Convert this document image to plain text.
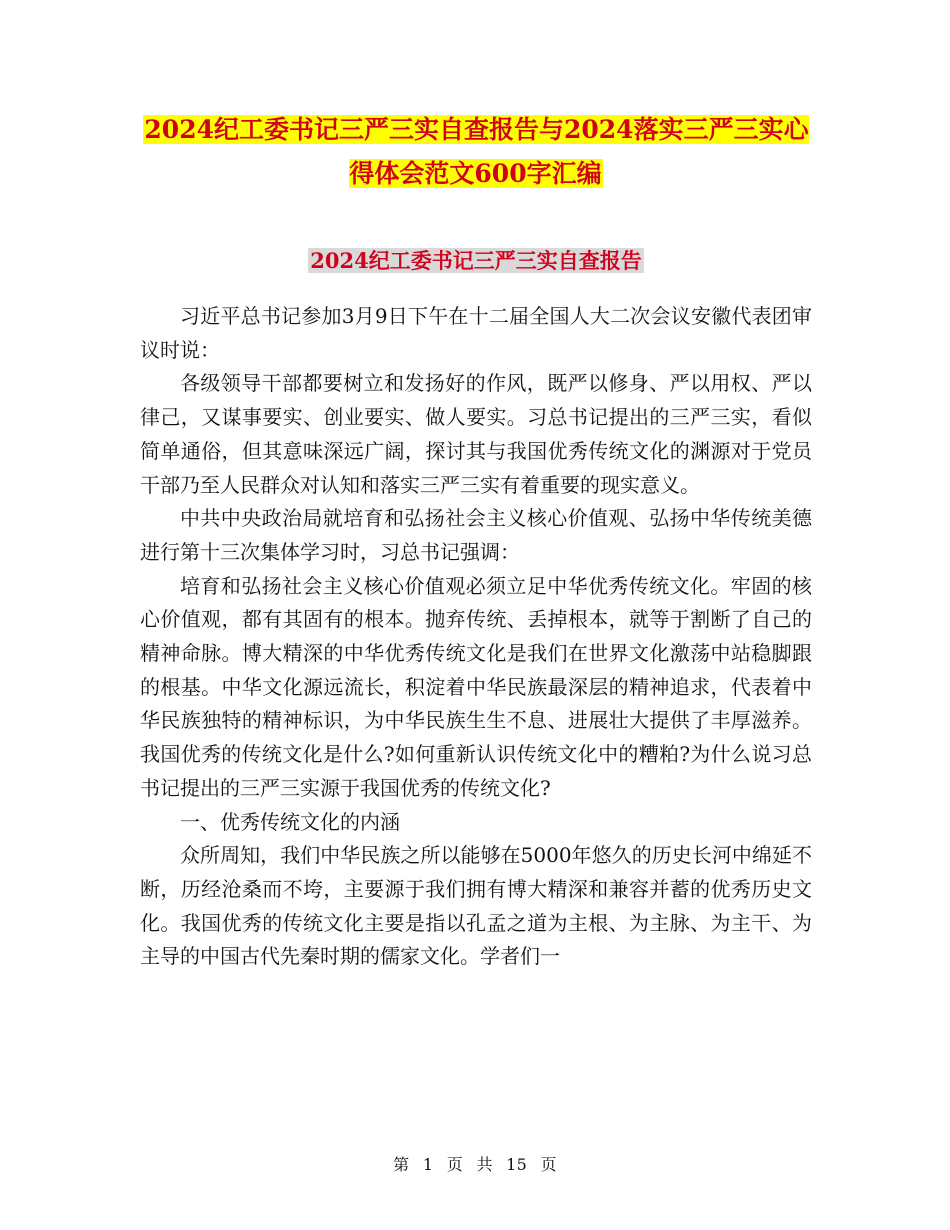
2024纪工委书记三严三实自查报告与2024落实三严三实心得体会范文600字汇编
2024纪工委书记三严三实自查报告

习近平总书记参加3月9日下午在十二届全国人大二次会议安徽代表团审议时说：

各级领导干部都要树立和发扬好的作风，既严以修身、严以用权、严以律己，又谋事要实、创业要实、做人要实。习总书记提出的三严三实，看似简单通俗，但其意味深远广阔，探讨其与我国优秀传统文化的渊源对于党员干部乃至人民群众对认知和落实三严三实有着重要的现实意义。

中共中央政治局就培育和弘扬社会主义核心价值观、弘扬中华传统美德进行第十三次集体学习时，习总书记强调：

培育和弘扬社会主义核心价值观必须立足中华优秀传统文化。牢固的核心价值观，都有其固有的根本。抛弃传统、丢掉根本，就等于割断了自己的精神命脉。博大精深的中华优秀传统文化是我们在世界文化激荡中站稳脚跟的根基。中华文化源远流长，积淀着中华民族最深层的精神追求，代表着中华民族独特的精神标识，为中华民族生生不息、进展壮大提供了丰厚滋养。我国优秀的传统文化是什么?如何重新认识传统文化中的糟粕?为什么说习总书记提出的三严三实源于我国优秀的传统文化?

一、优秀传统文化的内涵

众所周知，我们中华民族之所以能够在5000年悠久的历史长河中绵延不断，历经沧桑而不垮，主要源于我们拥有博大精深和兼容并蓄的优秀历史文化。我国优秀的传统文化主要是指以孔孟之道为主根、为主脉、为主干、为主导的中国古代先秦时期的儒家文化。学者们一

第 1 页 共 15 页
